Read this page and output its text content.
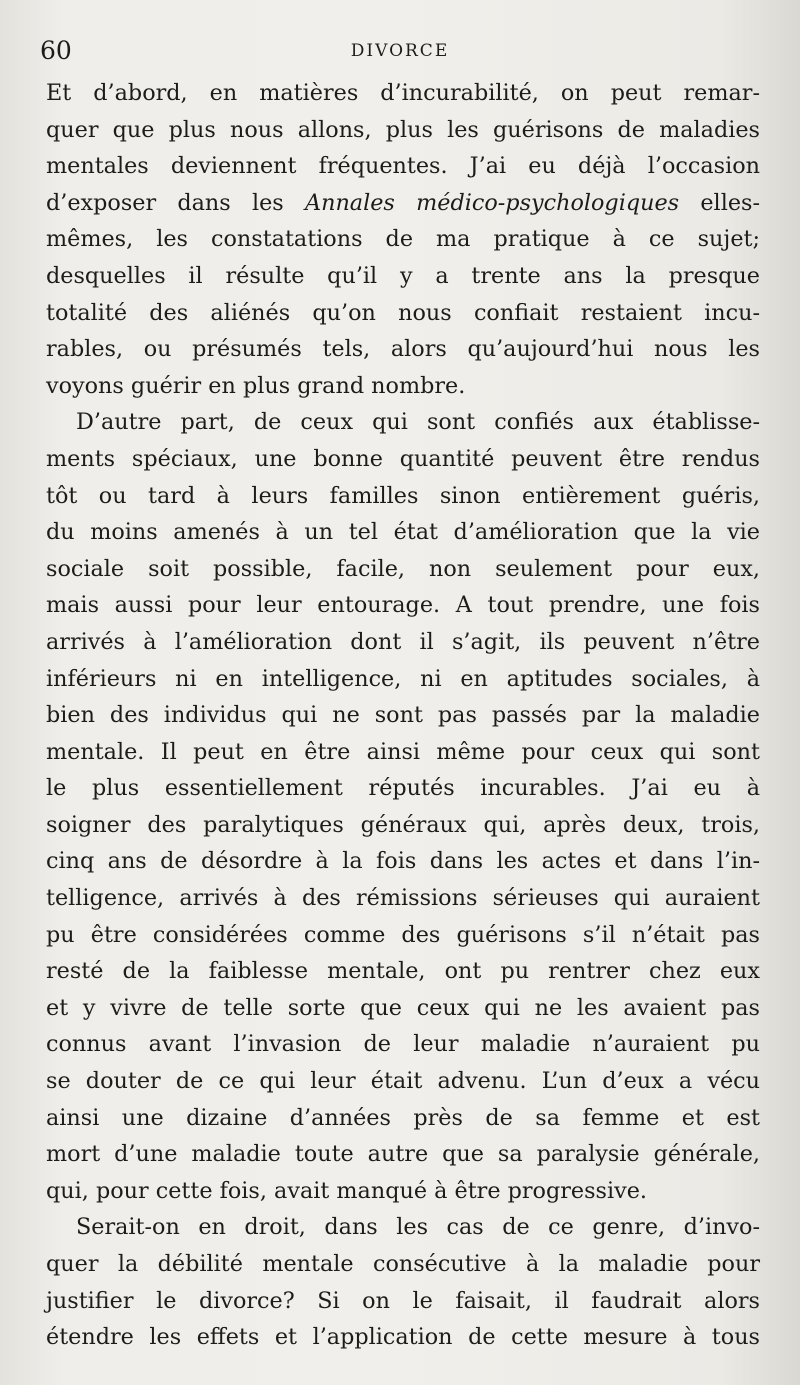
60	DIVORCE
Et d’abord, en matières d’incurabilité, on peut remar-
quer que plus nous allons, plus les guérisons de maladies
mentales deviennent fréquentes. J’ai eu déjà l’occasion
d’exposer dans les Annales médico-psychologiques elles-
mêmes, les constatations de ma pratique à ce sujet;
desquelles il résulte qu’il y a trente ans la presque
totalité des aliénés qu’on nous confiait restaient incu-
rables, ou présumés tels, alors qu’aujourd’hui nous les
voyons guérir en plus grand nombre.
D’autre part, de ceux qui sont confiés aux établisse-
ments spéciaux, une bonne quantité peuvent être rendus
tôt ou tard à leurs familles sinon entièrement guéris,
du moins amenés à un tel état d’amélioration que la vie
sociale soit possible, facile, non seulement pour eux,
mais aussi pour leur entourage. A tout prendre, une fois
arrivés à l’amélioration dont il s’agit, ils peuvent n’être
inférieurs ni en intelligence, ni en aptitudes sociales, à
bien des individus qui ne sont pas passés par la maladie
mentale. Il peut en être ainsi même pour ceux qui sont
le plus essentiellement réputés incurables. J’ai eu à
soigner des paralytiques généraux qui, après deux, trois,
cinq ans de désordre à la fois dans les actes et dans l’in-
telligence, arrivés à des rémissions sérieuses qui auraient
pu être considérées comme des guérisons s’il n’était pas
resté de la faiblesse mentale, ont pu rentrer chez eux
et y vivre de telle sorte que ceux qui ne les avaient pas
connus avant l’invasion de leur maladie n’auraient pu
se douter de ce qui leur était advenu. L’un d’eux a vécu
ainsi une dizaine d’années près de sa femme et est
mort d’une maladie toute autre que sa paralysie générale,
qui, pour cette fois, avait manqué à être progressive.
Serait-on en droit, dans les cas de ce genre, d’invo-
quer la débilité mentale consécutive à la maladie pour
justifier le divorce? Si on le faisait, il faudrait alors
étendre les effets et l’application de cette mesure à tous
